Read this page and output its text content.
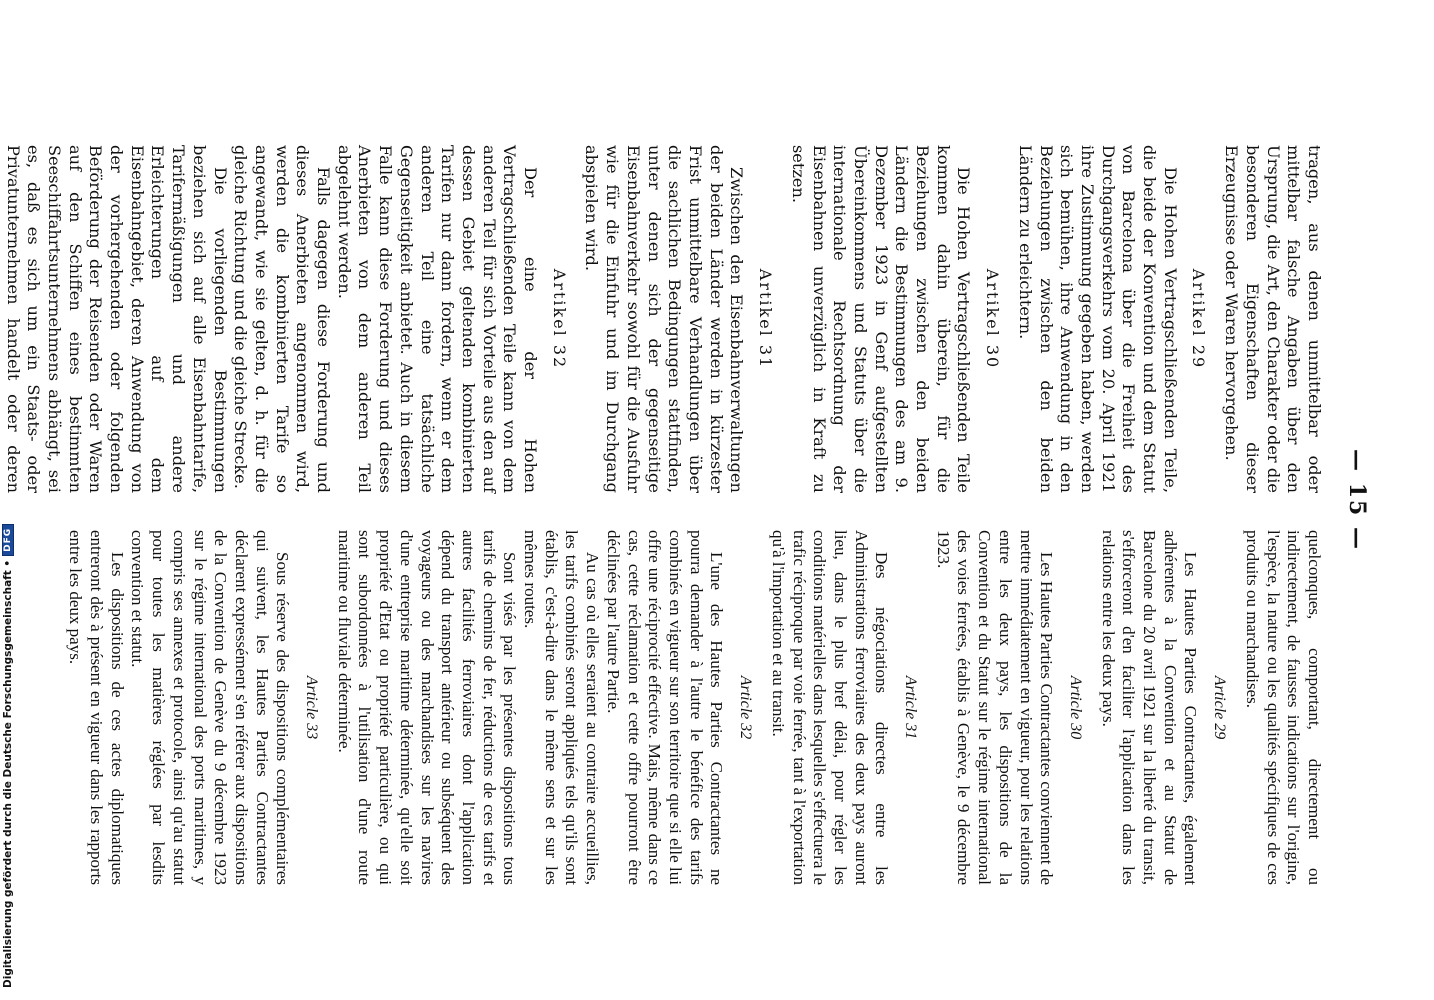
— 15 —

tragen, aus denen unmittelbar oder mittelbar falsche Angaben über den Ursprung, die Art, den Charakter oder die besonderen Eigenschaften dieser Erzeugnisse oder Waren hervorgehen.

Artikel 29

Die Hohen Vertragschließenden Teile, die beide der Konvention und dem Statut von Barcelona über die Freiheit des Durchgangsverkehrs vom 20. April 1921 ihre Zustimmung gegeben haben, werden sich bemühen, ihre Anwendung in den Beziehungen zwischen den beiden Ländern zu erleichtern.

Artikel 30

Die Hohen Vertragschließenden Teile kommen dahin überein, für die Beziehungen zwischen den beiden Ländern die Bestimmungen des am 9. Dezember 1923 in Genf aufgestellten Übereinkommens und Statuts über die internationale Rechtsordnung der Eisenbahnen unverzüglich in Kraft zu setzen.

Artikel 31

Zwischen den Eisenbahnverwaltungen der beiden Länder werden in kürzester Frist unmittelbare Verhandlungen über die sachlichen Bedingungen stattfinden, unter denen sich der gegenseitige Eisenbahnverkehr sowohl für die Ausfuhr wie für die Einfuhr und im Durchgang abspielen wird.

Artikel 32

Der eine der Hohen Vertragschließenden Teile kann von dem anderen Teil für sich Vorteile aus den auf dessen Gebiet geltenden kombinierten Tarifen nur dann fordern, wenn er dem anderen Teil eine tatsächliche Gegenseitigkeit anbietet. Auch in diesem Falle kann diese Forderung und dieses Anerbieten von dem anderen Teil abgelehnt werden.

Falls dagegen diese Forderung und dieses Anerbieten angenommen wird, werden die kombinierten Tarife so angewandt, wie sie gelten, d. h. für die gleiche Richtung und die gleiche Strecke.

Die vorliegenden Bestimmungen beziehen sich auf alle Eisenbahntarife, Tarifermäßigungen und andere Erleichterungen auf dem Eisenbahngebiet, deren Anwendung von der vorhergehenden oder folgenden Beförderung der Reisenden oder Waren auf den Schiffen eines bestimmten Seeschiffahrtsunternehmens abhängt, sei es, daß es sich um ein Staats- oder Privatunternehmen handelt oder deren

quelconques, comportant, directement ou indirectement, de fausses indications sur l'origine, l'espèce, la nature ou les qualités spécifiques de ces produits ou marchandises.

Article 29

Les Hautes Parties Contractantes, également adhérentes à la Convention et au Statut de Barcelone du 20 avril 1921 sur la liberté du transit, s'efforceront d'en faciliter l'application dans les relations entre les deux pays.

Article 30

Les Hautes Parties Contractantes conviennent de mettre immédiatement en vigueur, pour les relations entre les deux pays, les dispositions de la Convention et du Statut sur le régime international des voies ferrées, établis à Genève, le 9 décembre 1923.

Article 31

Des négociations directes entre les Administrations ferroviaires des deux pays auront lieu, dans le plus bref délai, pour régler les conditions matérielles dans lesquelles s'effectuera le trafic réciproque par voie ferrée, tant à l'exportation qu'à l'importation et au transit.

Article 32

L'une des Hautes Parties Contractantes ne pourra demander à l'autre le bénéfice des tarifs combinés en vigueur sur son territoire que si elle lui offre une réciprocité effective. Mais, même dans ce cas, cette réclamation et cette offre pourront être déclinées par l'autre Partie.

Au cas où elles seraient au contraire accueillies, les tarifs combinés seront appliqués tels qu'ils sont établis, c'est-à-dire dans le même sens et sur les mêmes routes.

Sont visés par les présentes dispositions tous tarifs de chemins de fer, réductions de ces tarifs et autres facilités ferroviaires dont l'application dépend du transport antérieur ou subséquent des voyageurs ou des marchandises sur les navires d'une entreprise maritime déterminée, qu'elle soit propriété d'Etat ou propriété particulière, ou qui sont subordonnées à l'utilisation d'une route maritime ou fluviale déterminée.

Article 33

Sous réserve des dispositions complémentaires qui suivent, les Hautes Parties Contractantes déclarent expressément s'en référer aux dispositions de la Convention de Genève du 9 décembre 1923 sur le régime international des ports maritimes, y compris ses annexes et protocole, ainsi qu'au statut pour toutes les matières réglées par lesdits convention et statut.

Les dispositions de ces actes diplomatiques entreront dès à présent en vigueur dans les rapports entre les deux pays.

Digitalisierung gefördert durch die Deutsche Forschungsgemeinschaft •DFG
